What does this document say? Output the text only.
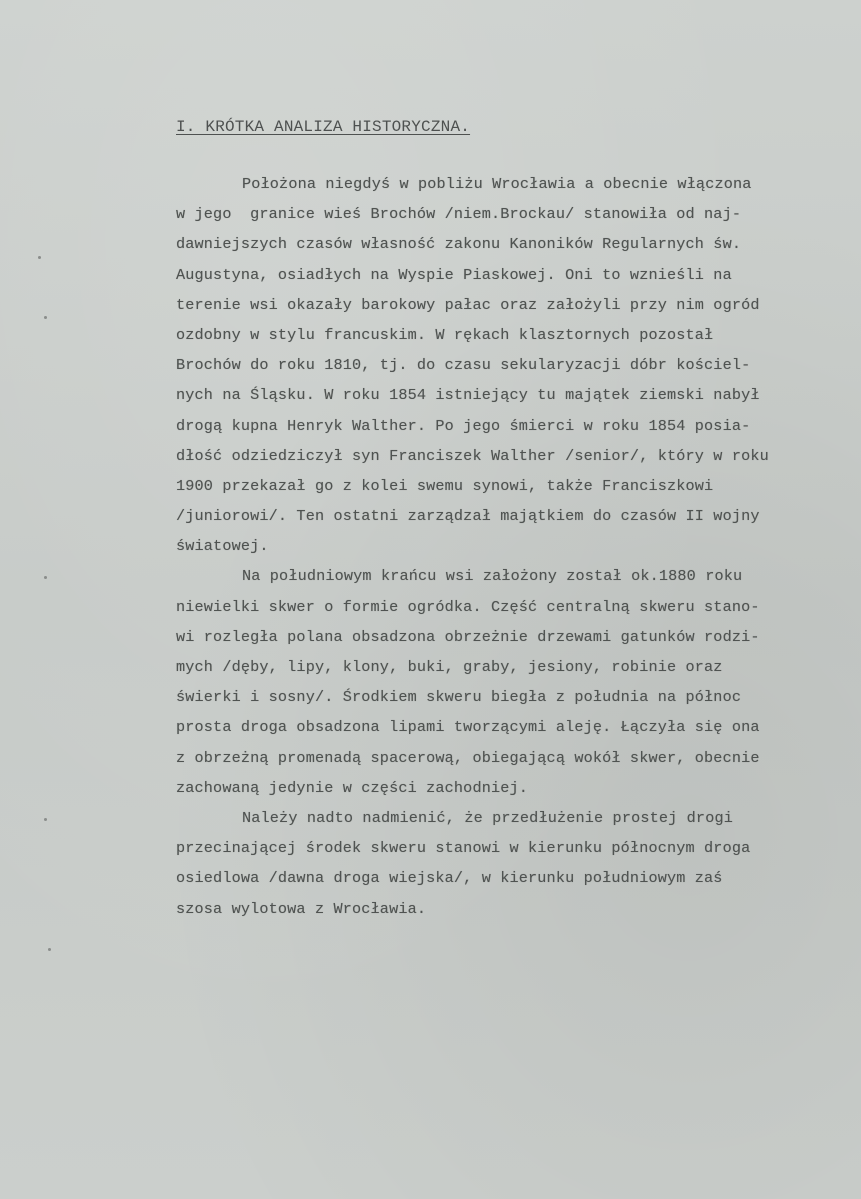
I. KRÓTKA ANALIZA HISTORYCZNA.
Położona niegdyś w pobliżu Wrocławia a obecnie włączona
w jego  granice wieś Brochów /niem.Brockau/ stanowiła od naj-
dawniejszych czasów własność zakonu Kanoników Regularnych św.
Augustyna, osiadłych na Wyspie Piaskowej. Oni to wznieśli na
terenie wsi okazały barokowy pałac oraz założyli przy nim ogród
ozdobny w stylu francuskim. W rękach klasztornych pozostał
Brochów do roku 1810, tj. do czasu sekularyzacji dóbr kościel-
nych na Śląsku. W roku 1854 istniejący tu majątek ziemski nabył
drogą kupna Henryk Walther. Po jego śmierci w roku 1854 posia-
dłość odziedziczył syn Franciszek Walther /senior/, który w roku
1900 przekazał go z kolei swemu synowi, także Franciszkowi
/juniorowi/. Ten ostatni zarządzał majątkiem do czasów II wojny
światowej.
Na południowym krańcu wsi założony został ok.1880 roku
niewielki skwer o formie ogródka. Część centralną skweru stano-
wi rozległa polana obsadzona obrzeżnie drzewami gatunków rodzi-
mych /dęby, lipy, klony, buki, graby, jesiony, robinie oraz
świerki i sosny/. Środkiem skweru biegła z południa na północ
prosta droga obsadzona lipami tworzącymi aleję. Łączyła się ona
z obrzeżną promenadą spacerową, obiegającą wokół skwer, obecnie
zachowaną jedynie w części zachodniej.
Należy nadto nadmienić, że przedłużenie prostej drogi
przecinającej środek skweru stanowi w kierunku północnym droga
osiedlowa /dawna droga wiejska/, w kierunku południowym zaś
szosa wylotowa z Wrocławia.
